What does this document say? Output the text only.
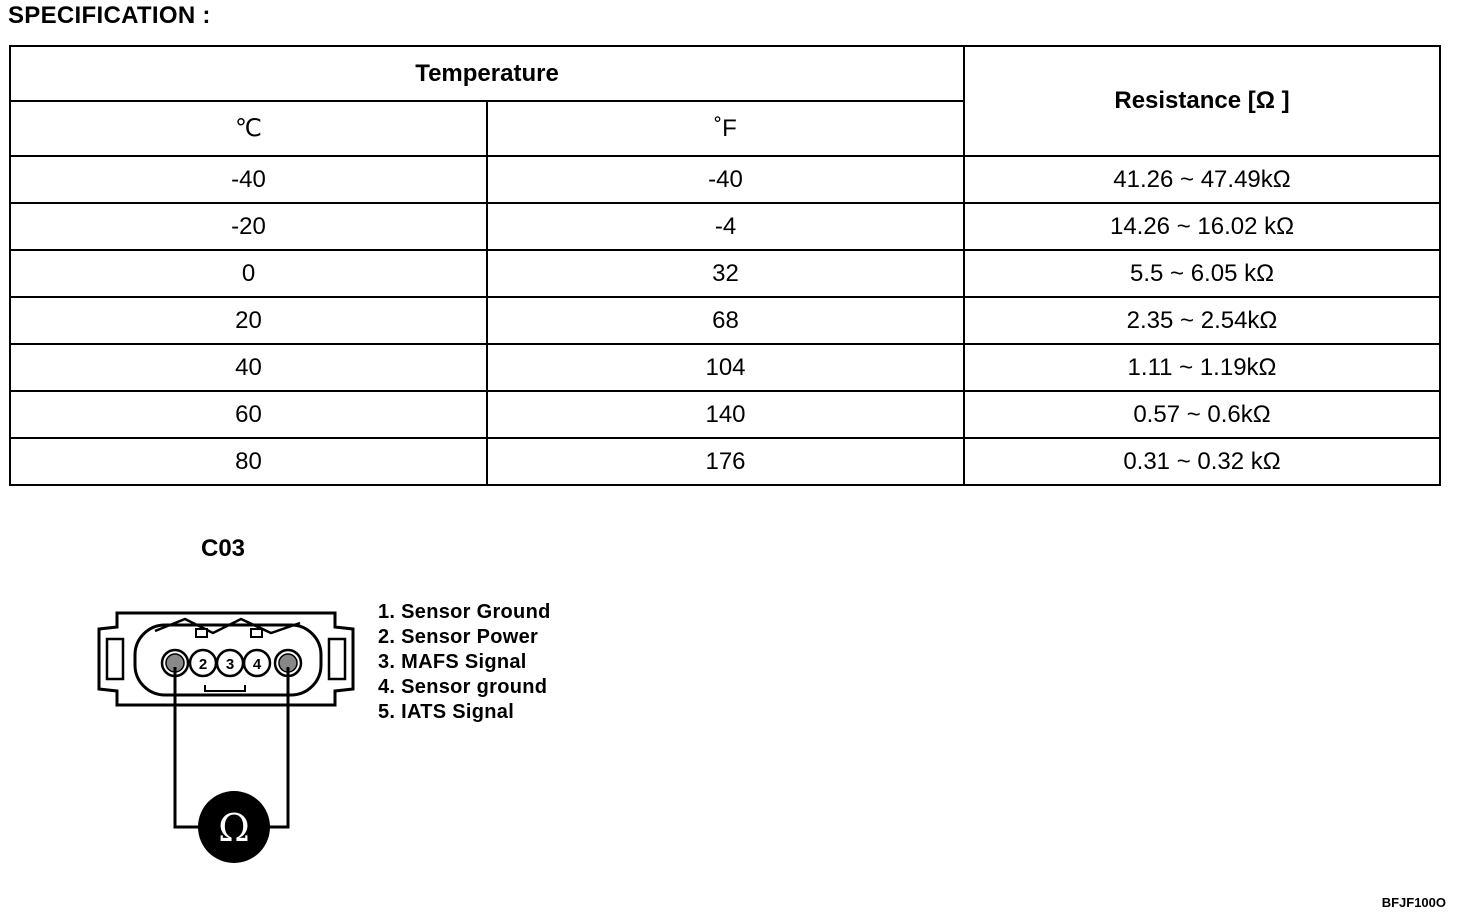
SPECIFICATION :
Temperature		Resistance [Ω ]
℃	˚F	
-40	-40	41.26 ~ 47.49kΩ
-20	-4	14.26 ~ 16.02 kΩ
0	32	5.5 ~ 6.05 kΩ
20	68	2.35 ~ 2.54kΩ
40	104	1.11 ~ 1.19kΩ
60	140	0.57 ~ 0.6kΩ
80	176	0.31 ~ 0.32 kΩ
C03
2 3 4
Ω
1. Sensor Ground
2. Sensor Power
3. MAFS Signal
4. Sensor ground
5. IATS Signal
BFJF100O
